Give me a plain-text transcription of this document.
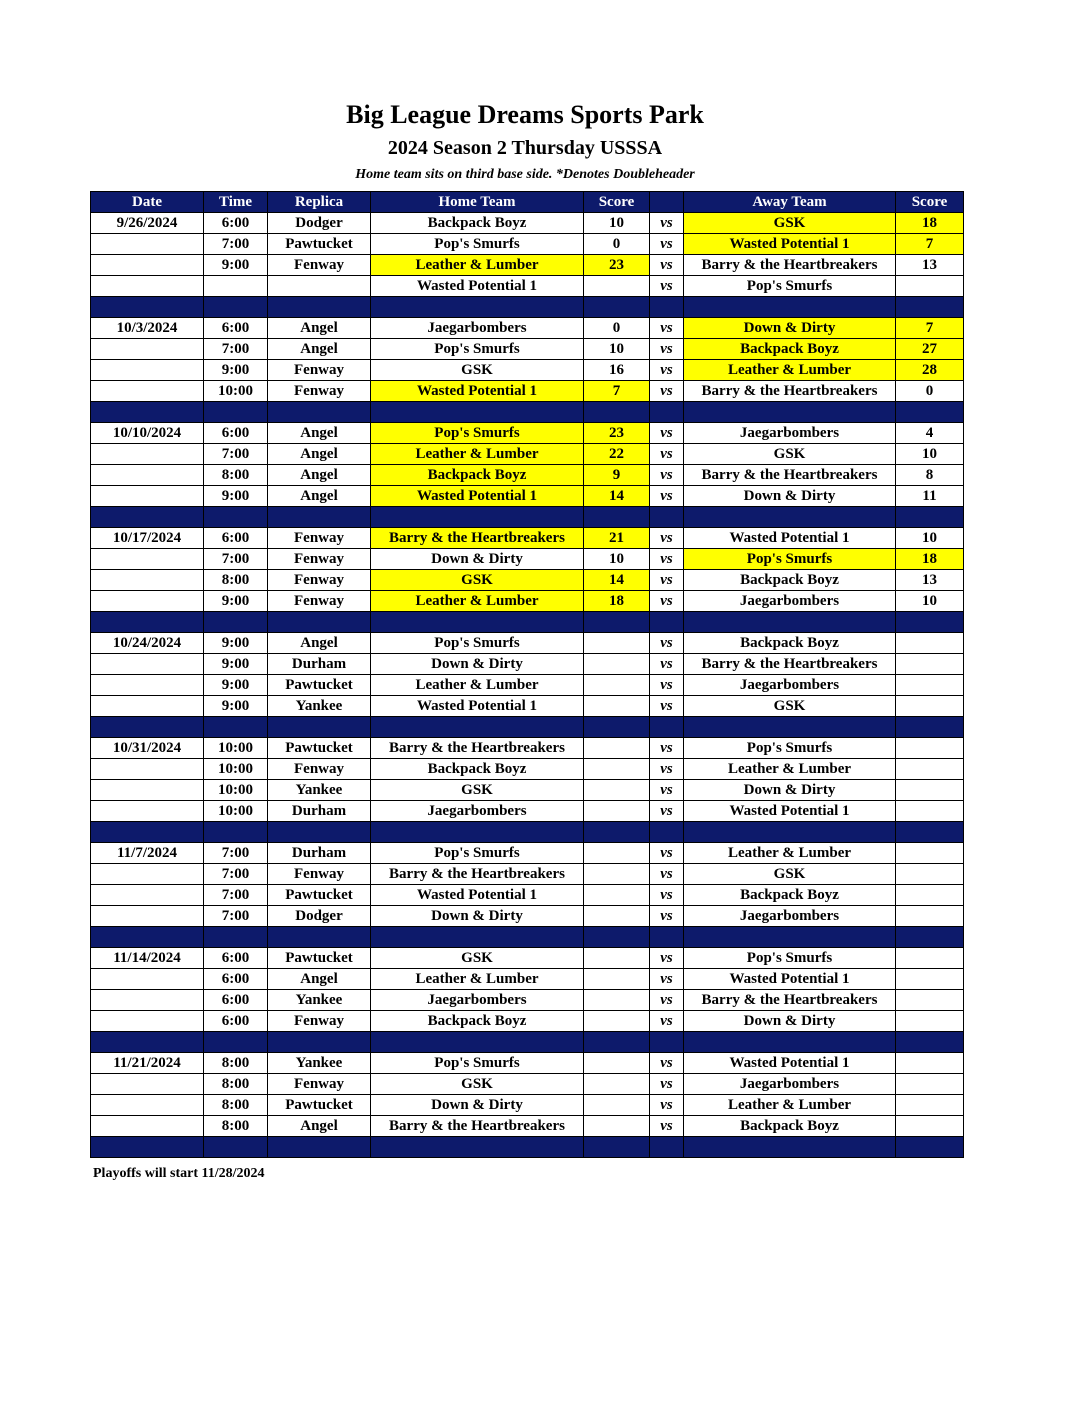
Big League Dreams Sports Park
2024 Season 2 Thursday USSSA
Home team sits on third base side. *Denotes Doubleheader
Date	Time	Replica	Home Team	Score		Away Team	Score
9/26/2024	6:00	Dodger	Backpack Boyz	10	vs	GSK	18
	7:00	Pawtucket	Pop's Smurfs	0	vs	Wasted Potential 1	7
	9:00	Fenway	Leather & Lumber	23	vs	Barry & the Heartbreakers	13
			Wasted Potential 1		vs	Pop's Smurfs	

10/3/2024	6:00	Angel	Jaegarbombers	0	vs	Down & Dirty	7
	7:00	Angel	Pop's Smurfs	10	vs	Backpack Boyz	27
	9:00	Fenway	GSK	16	vs	Leather & Lumber	28
	10:00	Fenway	Wasted Potential 1	7	vs	Barry & the Heartbreakers	0

10/10/2024	6:00	Angel	Pop's Smurfs	23	vs	Jaegarbombers	4
	7:00	Angel	Leather & Lumber	22	vs	GSK	10
	8:00	Angel	Backpack Boyz	9	vs	Barry & the Heartbreakers	8
	9:00	Angel	Wasted Potential 1	14	vs	Down & Dirty	11

10/17/2024	6:00	Fenway	Barry & the Heartbreakers	21	vs	Wasted Potential 1	10
	7:00	Fenway	Down & Dirty	10	vs	Pop's Smurfs	18
	8:00	Fenway	GSK	14	vs	Backpack Boyz	13
	9:00	Fenway	Leather & Lumber	18	vs	Jaegarbombers	10

10/24/2024	9:00	Angel	Pop's Smurfs		vs	Backpack Boyz	
	9:00	Durham	Down & Dirty		vs	Barry & the Heartbreakers	
	9:00	Pawtucket	Leather & Lumber		vs	Jaegarbombers	
	9:00	Yankee	Wasted Potential 1		vs	GSK	

10/31/2024	10:00	Pawtucket	Barry & the Heartbreakers		vs	Pop's Smurfs	
	10:00	Fenway	Backpack Boyz		vs	Leather & Lumber	
	10:00	Yankee	GSK		vs	Down & Dirty	
	10:00	Durham	Jaegarbombers		vs	Wasted Potential 1	

11/7/2024	7:00	Durham	Pop's Smurfs		vs	Leather & Lumber	
	7:00	Fenway	Barry & the Heartbreakers		vs	GSK	
	7:00	Pawtucket	Wasted Potential 1		vs	Backpack Boyz	
	7:00	Dodger	Down & Dirty		vs	Jaegarbombers	

11/14/2024	6:00	Pawtucket	GSK		vs	Pop's Smurfs	
	6:00	Angel	Leather & Lumber		vs	Wasted Potential 1	
	6:00	Yankee	Jaegarbombers		vs	Barry & the Heartbreakers	
	6:00	Fenway	Backpack Boyz		vs	Down & Dirty	

11/21/2024	8:00	Yankee	Pop's Smurfs		vs	Wasted Potential 1	
	8:00	Fenway	GSK		vs	Jaegarbombers	
	8:00	Pawtucket	Down & Dirty		vs	Leather & Lumber	
	8:00	Angel	Barry & the Heartbreakers		vs	Backpack Boyz	

Playoffs will start 11/28/2024
